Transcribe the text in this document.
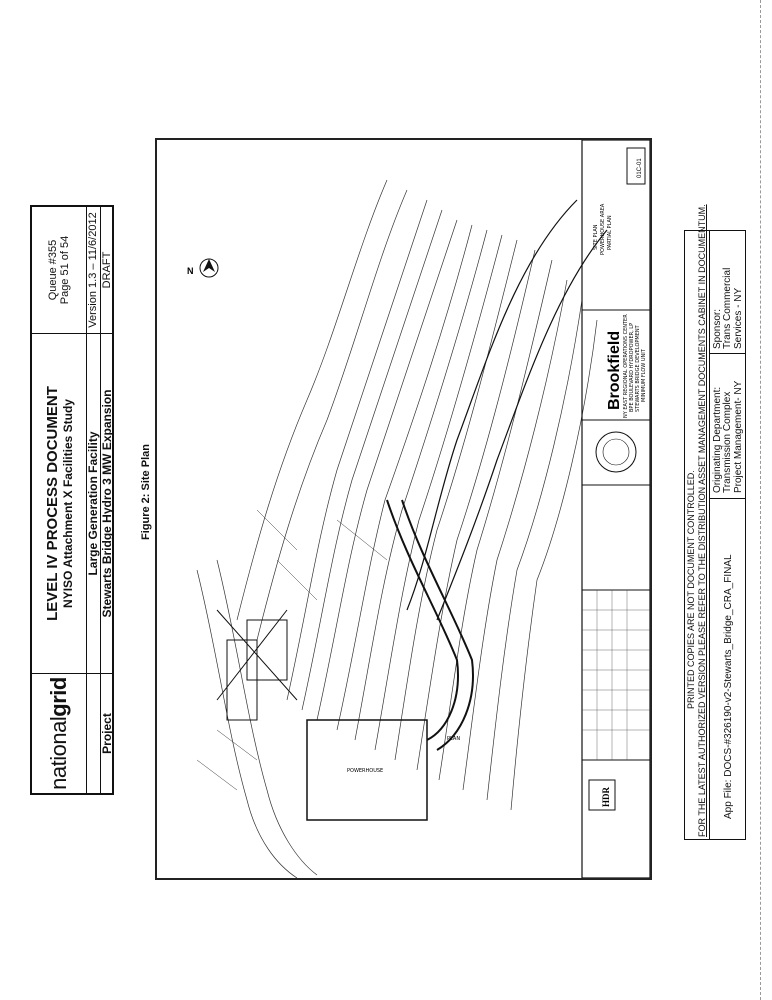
nationalgrid
LEVEL IV PROCESS DOCUMENT NYISO Attachment X Facilities Study
Queue #355 Page 51 of 54
Large Generation Facility
Version 1.3 – 11/6/2012
Project
Stewarts Bridge Hydro 3 MW Expansion
DRAFT
Figure 2: Site Plan
POWERHOUSE
N
PLAN
HDR
Brookfield NY EAST REGIONAL OPERATIONS CENTER BPE BOULEVARD HYDROPOWER, LP STEWARTS BRIDGE DEVELOPMENT MINIMUM FLOW UNIT
SITE PLAN POWERHOUSE AREA PARTIAL PLAN
01C-01
PRINTED COPIES ARE NOT DOCUMENT CONTROLLED. FOR THE LATEST AUTHORIZED VERSION PLEASE REFER TO THE DISTRIBUTION ASSET MANAGEMENT DOCUMENTS CABINET IN DOCUMENTUM. App File: DOCS-#326190-v2-Stewarts_Bridge_CRA_FINAL
Originating Department: Transmission Complex Project Management- NY
Sponsor: Trans Commercial Services - NY
